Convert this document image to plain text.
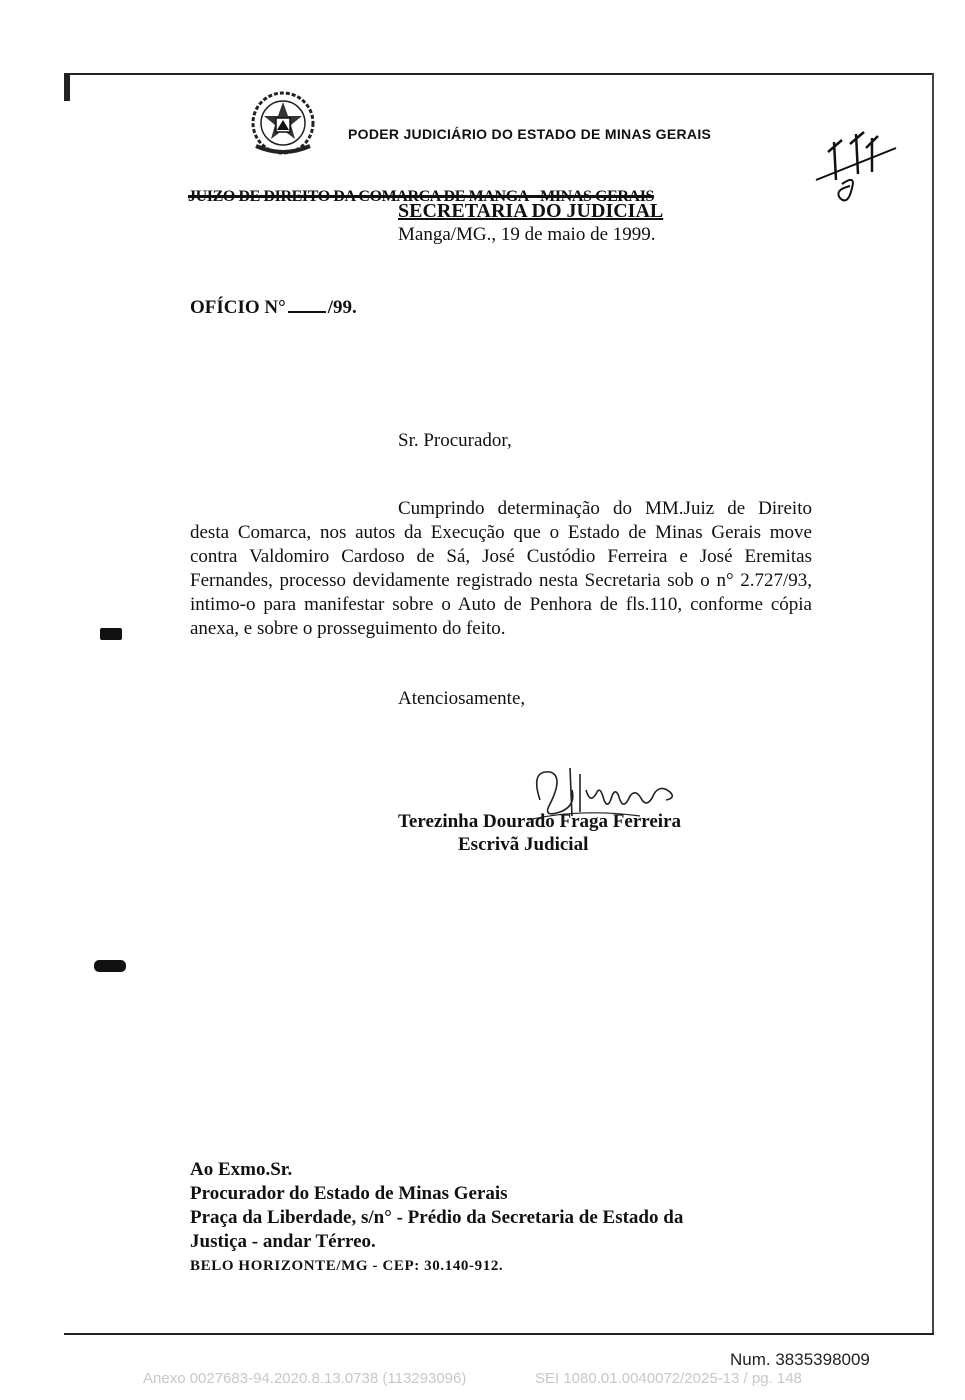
PODER JUDICIÁRIO DO ESTADO DE MINAS GERAIS
JUIZO DE DIREITO DA COMARCA DE MANGA - MINAS GERAIS
SECRETARIA DO JUDICIAL
Manga/MG., 19 de maio de 1999.
OFÍCIO N° /99.
Sr. Procurador,
Cumprindo determinação do MM.Juiz de Direito desta Comarca, nos autos da Execução que o Estado de Minas Gerais move contra Valdomiro Cardoso de Sá, José Custódio Ferreira e José Eremitas Fernandes, processo devidamente registrado nesta Secretaria sob o n° 2.727/93, intimo-o para manifestar sobre o Auto de Penhora de fls.110, conforme cópia anexa, e sobre o prosseguimento do feito.
Atenciosamente,
Terezinha Dourado Fraga Ferreira
Escrivã Judicial
Ao Exmo.Sr.
Procurador do Estado de Minas Gerais
Praça da Liberdade, s/n° - Prédio da Secretaria de Estado da
Justiça - andar Térreo.
BELO HORIZONTE/MG - CEP: 30.140-912.
Num. 3835398009
Anexo 0027683-94.2020.8.13.0738 (113293096)	SEI 1080.01.0040072/2025-13 / pg. 148
